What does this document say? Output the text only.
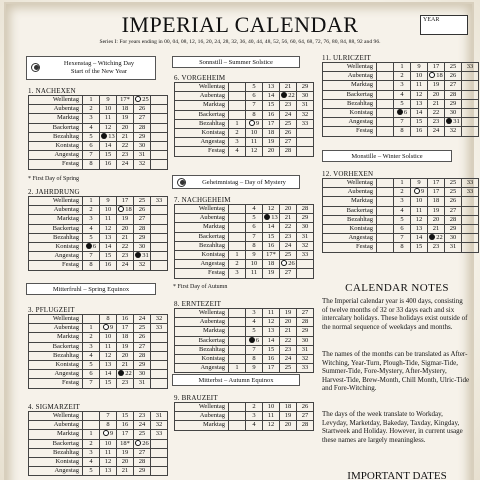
IMPERIAL CALENDAR	YEAR
Series I: For years ending in 00, 04, 08, 12, 16, 20, 24, 28, 32, 36, 40, 44, 48, 52, 56, 60, 64, 68, 72, 76, 80, 84, 88, 92 and 96.
Hexenstag – Witching Day
Start of the New Year
Sonnstill – Summer Solstice
Geheimnistag – Day of Mystery
Mitterfruhl – Spring Equinox
Monstille – Winter Solstice
Mitterbst – Autumn Equinox
1. NACHEXEN
Wellentag	1	9	17*	25	
Aubentag	2	10	18	26	
Marktag	3	11	19	27	
Backertag	4	12	20	28	
Bezahltag	5	13	21	29	
Konistag	6	14	22	30	
Angestag	7	15	23	31	
Festag	8	16	24	32	
2. JAHRDRUNG
Wellentag	1	9	17	25	33
Aubentag	2	10	18	26	
Marktag	3	11	19	27	
Backertag	4	12	20	28	
Bezahltag	5	13	21	29	
Konistag	6	14	22	30	
Angestag	7	15	23	31	
Festag	8	16	24	32	
3. PFLUGZEIT
Wellentag		8	16	24	32
Aubentag	1	9	17	25	33
Marktag	2	10	18	26	
Backertag	3	11	19	27	
Bezahltag	4	12	20	28	
Konistag	5	13	21	29	
Angestag	6	14	22	30	
Festag	7	15	23	31	
4. SIGMARZEIT
Wellentag		7	15	23	31
Aubentag		8	16	24	32
Marktag	1	9	17	25	33
Backertag	2	10	18*	26	
Bezahltag	3	11	19	27	
Konistag	4	12	20	28	
Angestag	5	13	21	29	
6. VORGEHEIM
Wellentag		5	13	21	29
Aubentag		6	14	22	30
Marktag		7	15	23	31
Backertag		8	16	24	32
Bezahltag	1	9	17	25	33
Konistag	2	10	18	26	
Angestag	3	11	19	27	
Festag	4	12	20	28	
7. NACHGEHEIM
Wellentag		4	12	20	28
Aubentag		5	13	21	29
Marktag		6	14	22	30
Backertag		7	15	23	31
Bezahltag		8	16	24	32
Konistag	1	9	17*	25	33
Angestag	2	10	18	26	
Festag	3	11	19	27	
8. ERNTEZEIT
Wellentag		3	11	19	27
Aubentag		4	12	20	28
Marktag		5	13	21	29
Backertag		6	14	22	30
Bezahltag		7	15	23	31
Konistag		8	16	24	32
Angestag	1	9	17	25	33
9. BRAUZEIT
Wellentag		2	10	18	26
Aubentag		3	11	19	27
Marktag		4	12	20	28
11. ULRICZEIT
Wellentag		1	9	17	25	33
Aubentag		2	10	18	26	
Marktag		3	11	19	27	
Backertag		4	12	20	28	
Bezahltag		5	13	21	29	
Konistag		6	14	22	30	
Angestag		7	15	23	31	
Festag		8	16	24	32	
12. VORHEXEN
Wellentag		1	9	17	25	33
Aubentag		2	9	17	25	33
Marktag		3	10	18	26	
Backertag		4	11	19	27	
Bezahltag		5	12	20	28	
Konistag		6	13	21	29	
Angestag		7	14	22	30	
Festag		8	15	23	31	
* First Day of Spring
* First Day of Autumn	CALENDAR NOTES
The Imperial calendar year is 400 days, consisting of twelve months of 32 or 33 days each and six intercalary holidays. These holidays exist outside of the normal sequence of weekdays and months.
The names of the months can be translated as After-Witching, Year-Turn, Plough-Tide, Sigmar-Tide, Summer-Tide, Fore-Mystery, After-Mystery, Harvest-Tide, Brew-Month, Chill Month, Ulric-Tide and Fore-Witching.
The days of the week translate to Workday, Levyday, Marketday, Bakeday, Taxday, Kingday, Startweek and Holiday. However, in current usage these names are largely meaningless.
IMPORTANT DATES
